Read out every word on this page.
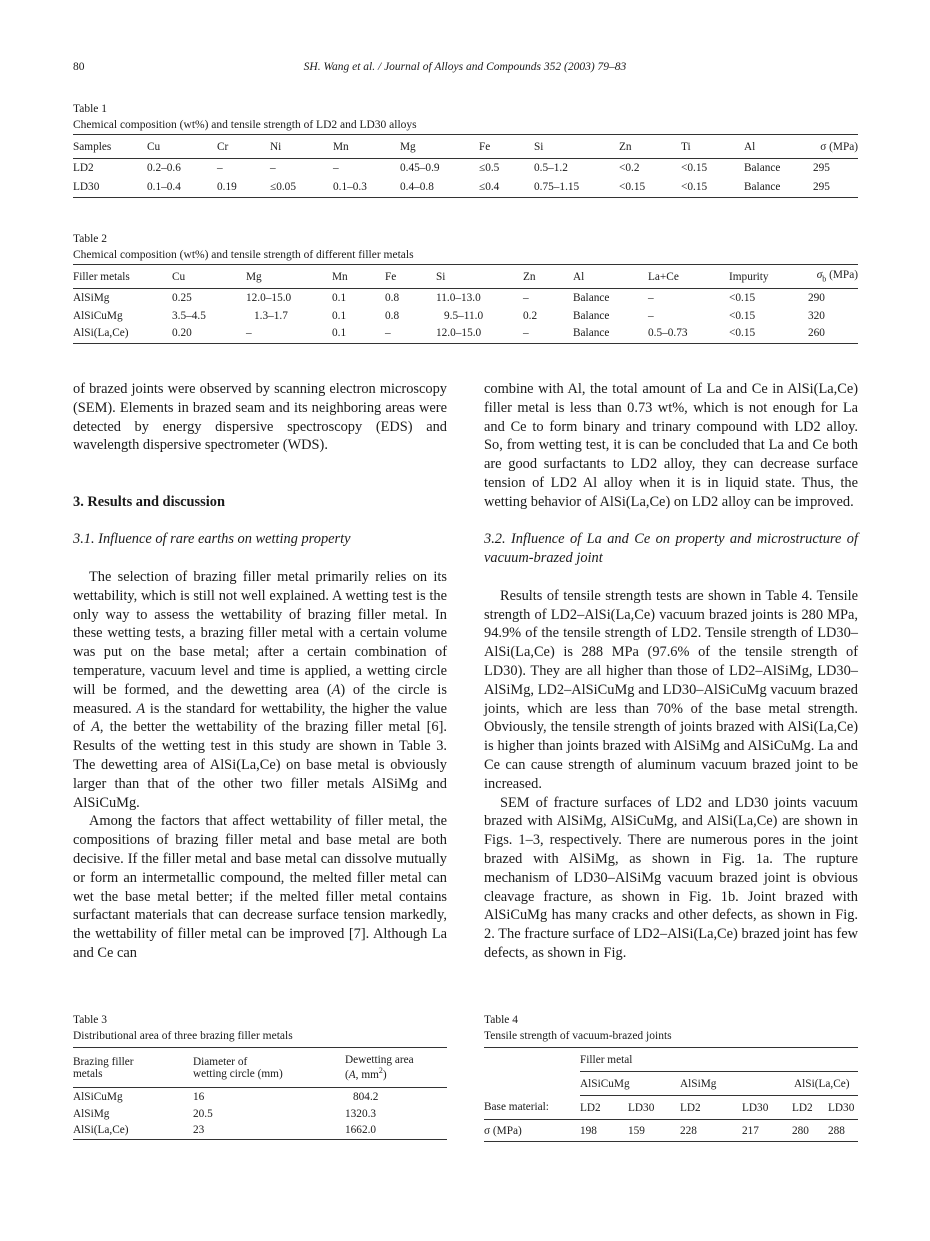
80	SH. Wang et al. / Journal of Alloys and Compounds 352 (2003) 79–83
Table 1
Chemical composition (wt%) and tensile strength of LD2 and LD30 alloys
Samples	Cu	Cr	Ni	Mn	Mg	Fe	Si	Zn	Ti	Al	σ (MPa)
LD2	0.2–0.6	–	–	–	0.45–0.9	≤0.5	0.5–1.2	<0.2	<0.15	Balance	295
LD30	0.1–0.4	0.19	≤0.05	0.1–0.3	0.4–0.8	≤0.4	0.75–1.15	<0.15	<0.15	Balance	295
Table 2
Chemical composition (wt%) and tensile strength of different filler metals
Filler metals	Cu	Mg	Mn	Fe	Si	Zn	Al	La+Ce	Impurity	$\sigma_b$ (MPa)
AlSiMg	0.25	12.0–15.0	0.1	0.8	11.0–13.0	–	Balance	–	<0.15	290
AlSiCuMg	3.5–4.5	1.3–1.7	0.1	0.8	9.5–11.0	0.2	Balance	–	<0.15	320
AlSi(La,Ce)	0.20	–	0.1	–	12.0–15.0	–	Balance	0.5–0.73	<0.15	260

of brazed joints were observed by scanning electron microscopy (SEM). Elements in brazed seam and its neighboring areas were detected by energy dispersive spectroscopy (EDS) and wavelength dispersive spectrometer (WDS).

3. Results and discussion
3.1. Influence of rare earths on wetting property

The selection of brazing filler metal primarily relies on its wettability, which is still not well explained. A wetting test is the only way to assess the wettability of brazing filler metal. In these wetting tests, a brazing filler metal with a certain volume was put on the base metal; after a certain combination of temperature, vacuum level and time is applied, a wetting circle will be formed, and the dewetting area (A) of the circle is measured. A is the standard for wettability, the higher the value of A, the better the wettability of the brazing filler metal [6]. Results of the wetting test in this study are shown in Table 3. The dewetting area of AlSi(La,Ce) on base metal is obviously larger than that of the other two filler metals AlSiMg and AlSiCuMg.

Among the factors that affect wettability of filler metal, the compositions of brazing filler metal and base metal are both decisive. If the filler metal and base metal can dissolve mutually or form an intermetallic compound, the melted filler metal can wet the base metal better; if the melted filler metal contains surfactant materials that can decrease surface tension markedly, the wettability of filler metal can be improved [7]. Although La and Ce can

combine with Al, the total amount of La and Ce in AlSi(La,Ce) filler metal is less than 0.73 wt%, which is not enough for La and Ce to form binary and trinary compound with LD2 alloy. So, from wetting test, it is can be concluded that La and Ce both are good surfactants to LD2 alloy, they can decrease surface tension of LD2 Al alloy when it is in liquid state. Thus, the wetting behavior of AlSi(La,Ce) on LD2 alloy can be improved.

3.2. Influence of La and Ce on property and microstructure of vacuum-brazed joint

Results of tensile strength tests are shown in Table 4. Tensile strength of LD2–AlSi(La,Ce) vacuum brazed joints is 280 MPa, 94.9% of the tensile strength of LD2. Tensile strength of LD30–AlSi(La,Ce) is 288 MPa (97.6% of the tensile strength of LD30). They are all higher than those of LD2–AlSiMg, LD30–AlSiMg, LD2–AlSiCuMg and LD30–AlSiCuMg vacuum brazed joints, which are less than 70% of the base metal strength. Obviously, the tensile strength of joints brazed with AlSi(La,Ce) is higher than joints brazed with AlSiMg and AlSiCuMg. La and Ce can cause strength of aluminum vacuum brazed joint to be increased.

SEM of fracture surfaces of LD2 and LD30 joints vacuum brazed with AlSiMg, AlSiCuMg, and AlSi(La,Ce) are shown in Figs. 1–3, respectively. There are numerous pores in the joint brazed with AlSiMg, as shown in Fig. 1a. The rupture mechanism of LD30–AlSiMg vacuum brazed joint is obvious cleavage fracture, as shown in Fig. 1b. Joint brazed with AlSiCuMg has many cracks and other defects, as shown in Fig. 2. The fracture surface of LD2–AlSi(La,Ce) brazed joint has few defects, as shown in Fig.

Table 3
Distributional area of three brazing filler metals
Brazing filler
metals	Diameter of
wetting circle (mm)	Dewetting area
(A, $mm^2$)
AlSiCuMg	16	804.2
AlSiMg	20.5	1320.3
AlSi(La,Ce)	23	1662.0
Table 4
Tensile strength of vacuum-brazed joints
	Filler metal					
	AlSiCuMg		AlSiMg		AlSi(La,Ce)	
Base material:	LD2	LD30	LD2	LD30	LD2	LD30
σ (MPa)	198	159	228	217	280	288
